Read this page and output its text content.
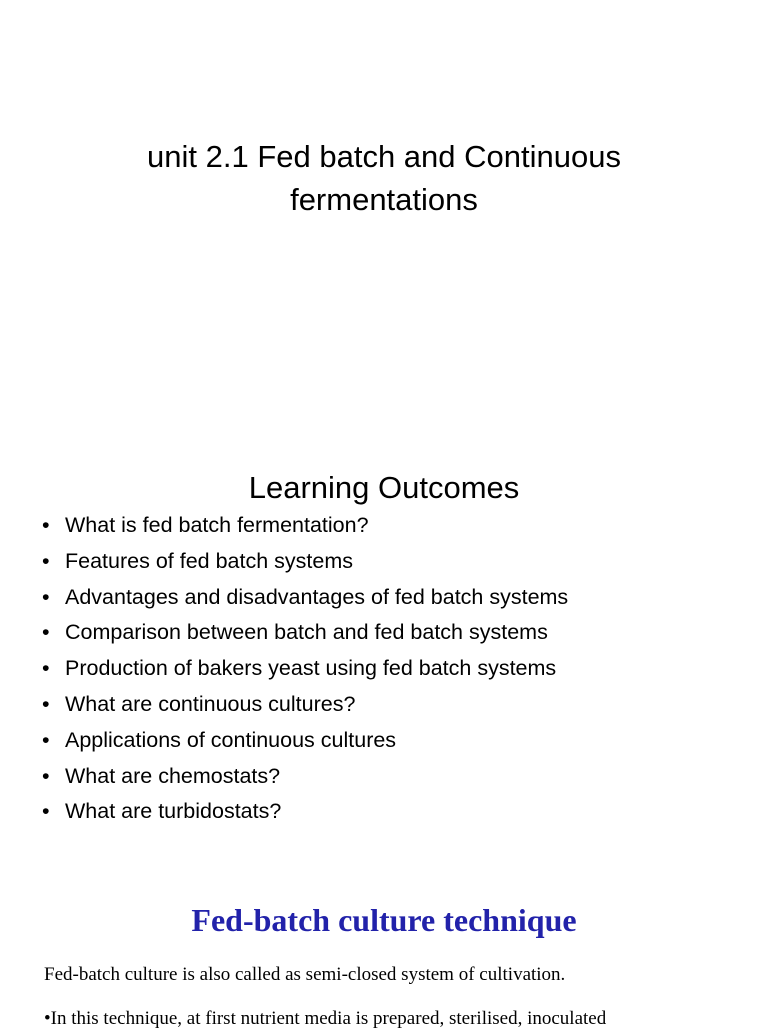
unit 2.1 Fed batch and Continuous
fermentations
Learning Outcomes
• What is fed batch fermentation?
• Features of fed batch systems
• Advantages and disadvantages of fed batch systems
• Comparison between batch and fed batch systems
• Production of bakers yeast using fed batch systems
• What are continuous cultures?
• Applications of continuous cultures
• What are chemostats?
• What are turbidostats?
Fed-batch culture technique

Fed-batch culture is also called as semi-closed system of cultivation.

•In this technique, at first nutrient media is prepared, sterilised, inoculated
